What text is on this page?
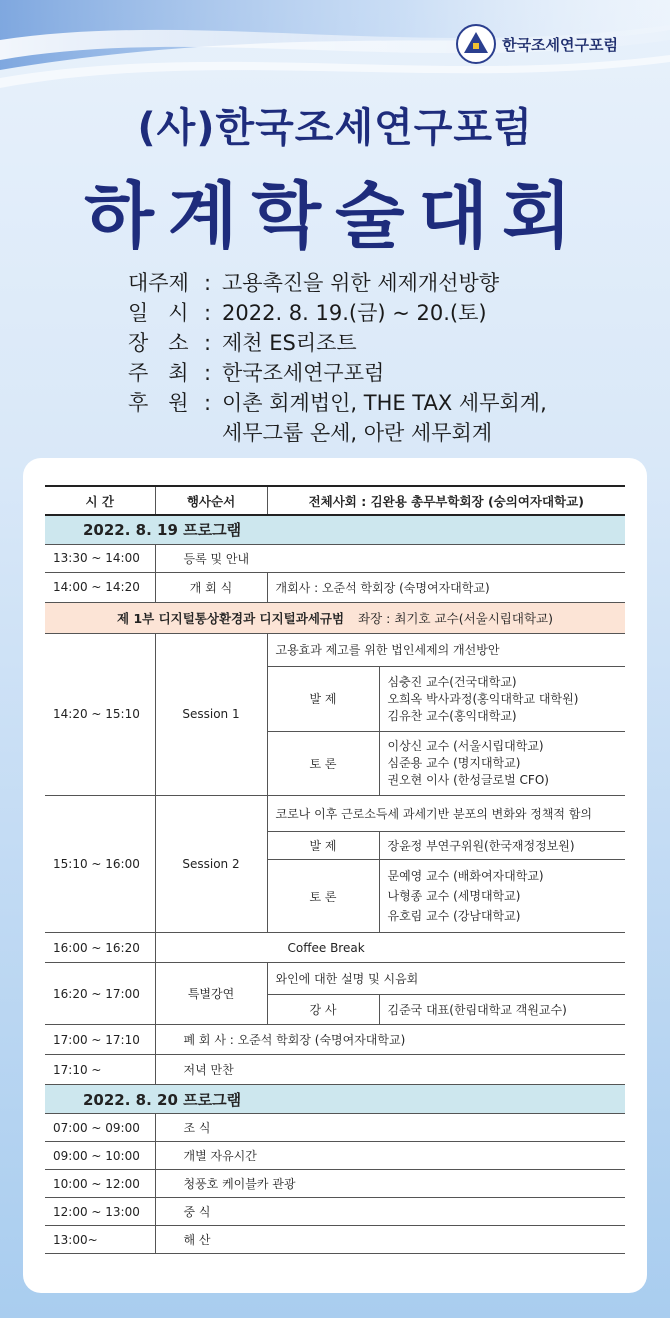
한국조세연구포럼
(사)한국조세연구포럼
하계학술대회
대주제 : 고용촉진을 위한 세제개선방향
일   시 : 2022. 8. 19.(금) ~ 20.(토)
장   소 : 제천 ES리조트
주   최 : 한국조세연구포럼
후   원 : 이촌 회계법인, THE TAX 세무회계,
세무그룹 온세, 아란 세무회계
시 간	행사순서	전체사회 : 김완용 총무부학회장 (숭의여자대학교)	
2022. 8. 19 프로그램			
13:30 ~ 14:00	등록 및 안내		
14:00 ~ 14:20	개 회 식	개회사 : 오준석 학회장 (숙명여자대학교)	
제 1부 디지털통상환경과 디지털과세규범 좌장 : 최기호 교수(서울시립대학교)			
14:20 ~ 15:10	Session 1	고용효과 제고를 위한 법인세제의 개선방안	
		발 제	심충진 교수(건국대학교)
			오희옥 박사과정(홍익대학교 대학원)
			김유찬 교수(홍익대학교)
		토 론	이상신 교수 (서울시립대학교)
심준용 교수 (명지대학교)
권오현 이사 (한성글로벌 CFO)

15:10 ~ 16:00	Session 2	코로나 이후 근로소득세 과세기반 분포의 변화와 정책적 함의	
		발 제	장윤정 부연구위원(한국재정정보원)
		토 론	문예영 교수 (배화여자대학교)
나형종 교수 (세명대학교)
유호림 교수 (강남대학교)

16:00 ~ 16:20	Coffee Break		
16:20 ~ 17:00	특별강연	와인에 대한 설명 및 시음회	
		강 사	김준국 대표(한림대학교 객원교수)
17:00 ~ 17:10	폐 회 사 : 오준석 학회장 (숙명여자대학교)		
17:10 ~	저녁 만찬		
2022. 8. 20 프로그램			
07:00 ~ 09:00	조 식		
09:00 ~ 10:00	개별 자유시간		
10:00 ~ 12:00	청풍호 케이블카 관광		
12:00 ~ 13:00	중 식		
13:00~	해 산		
